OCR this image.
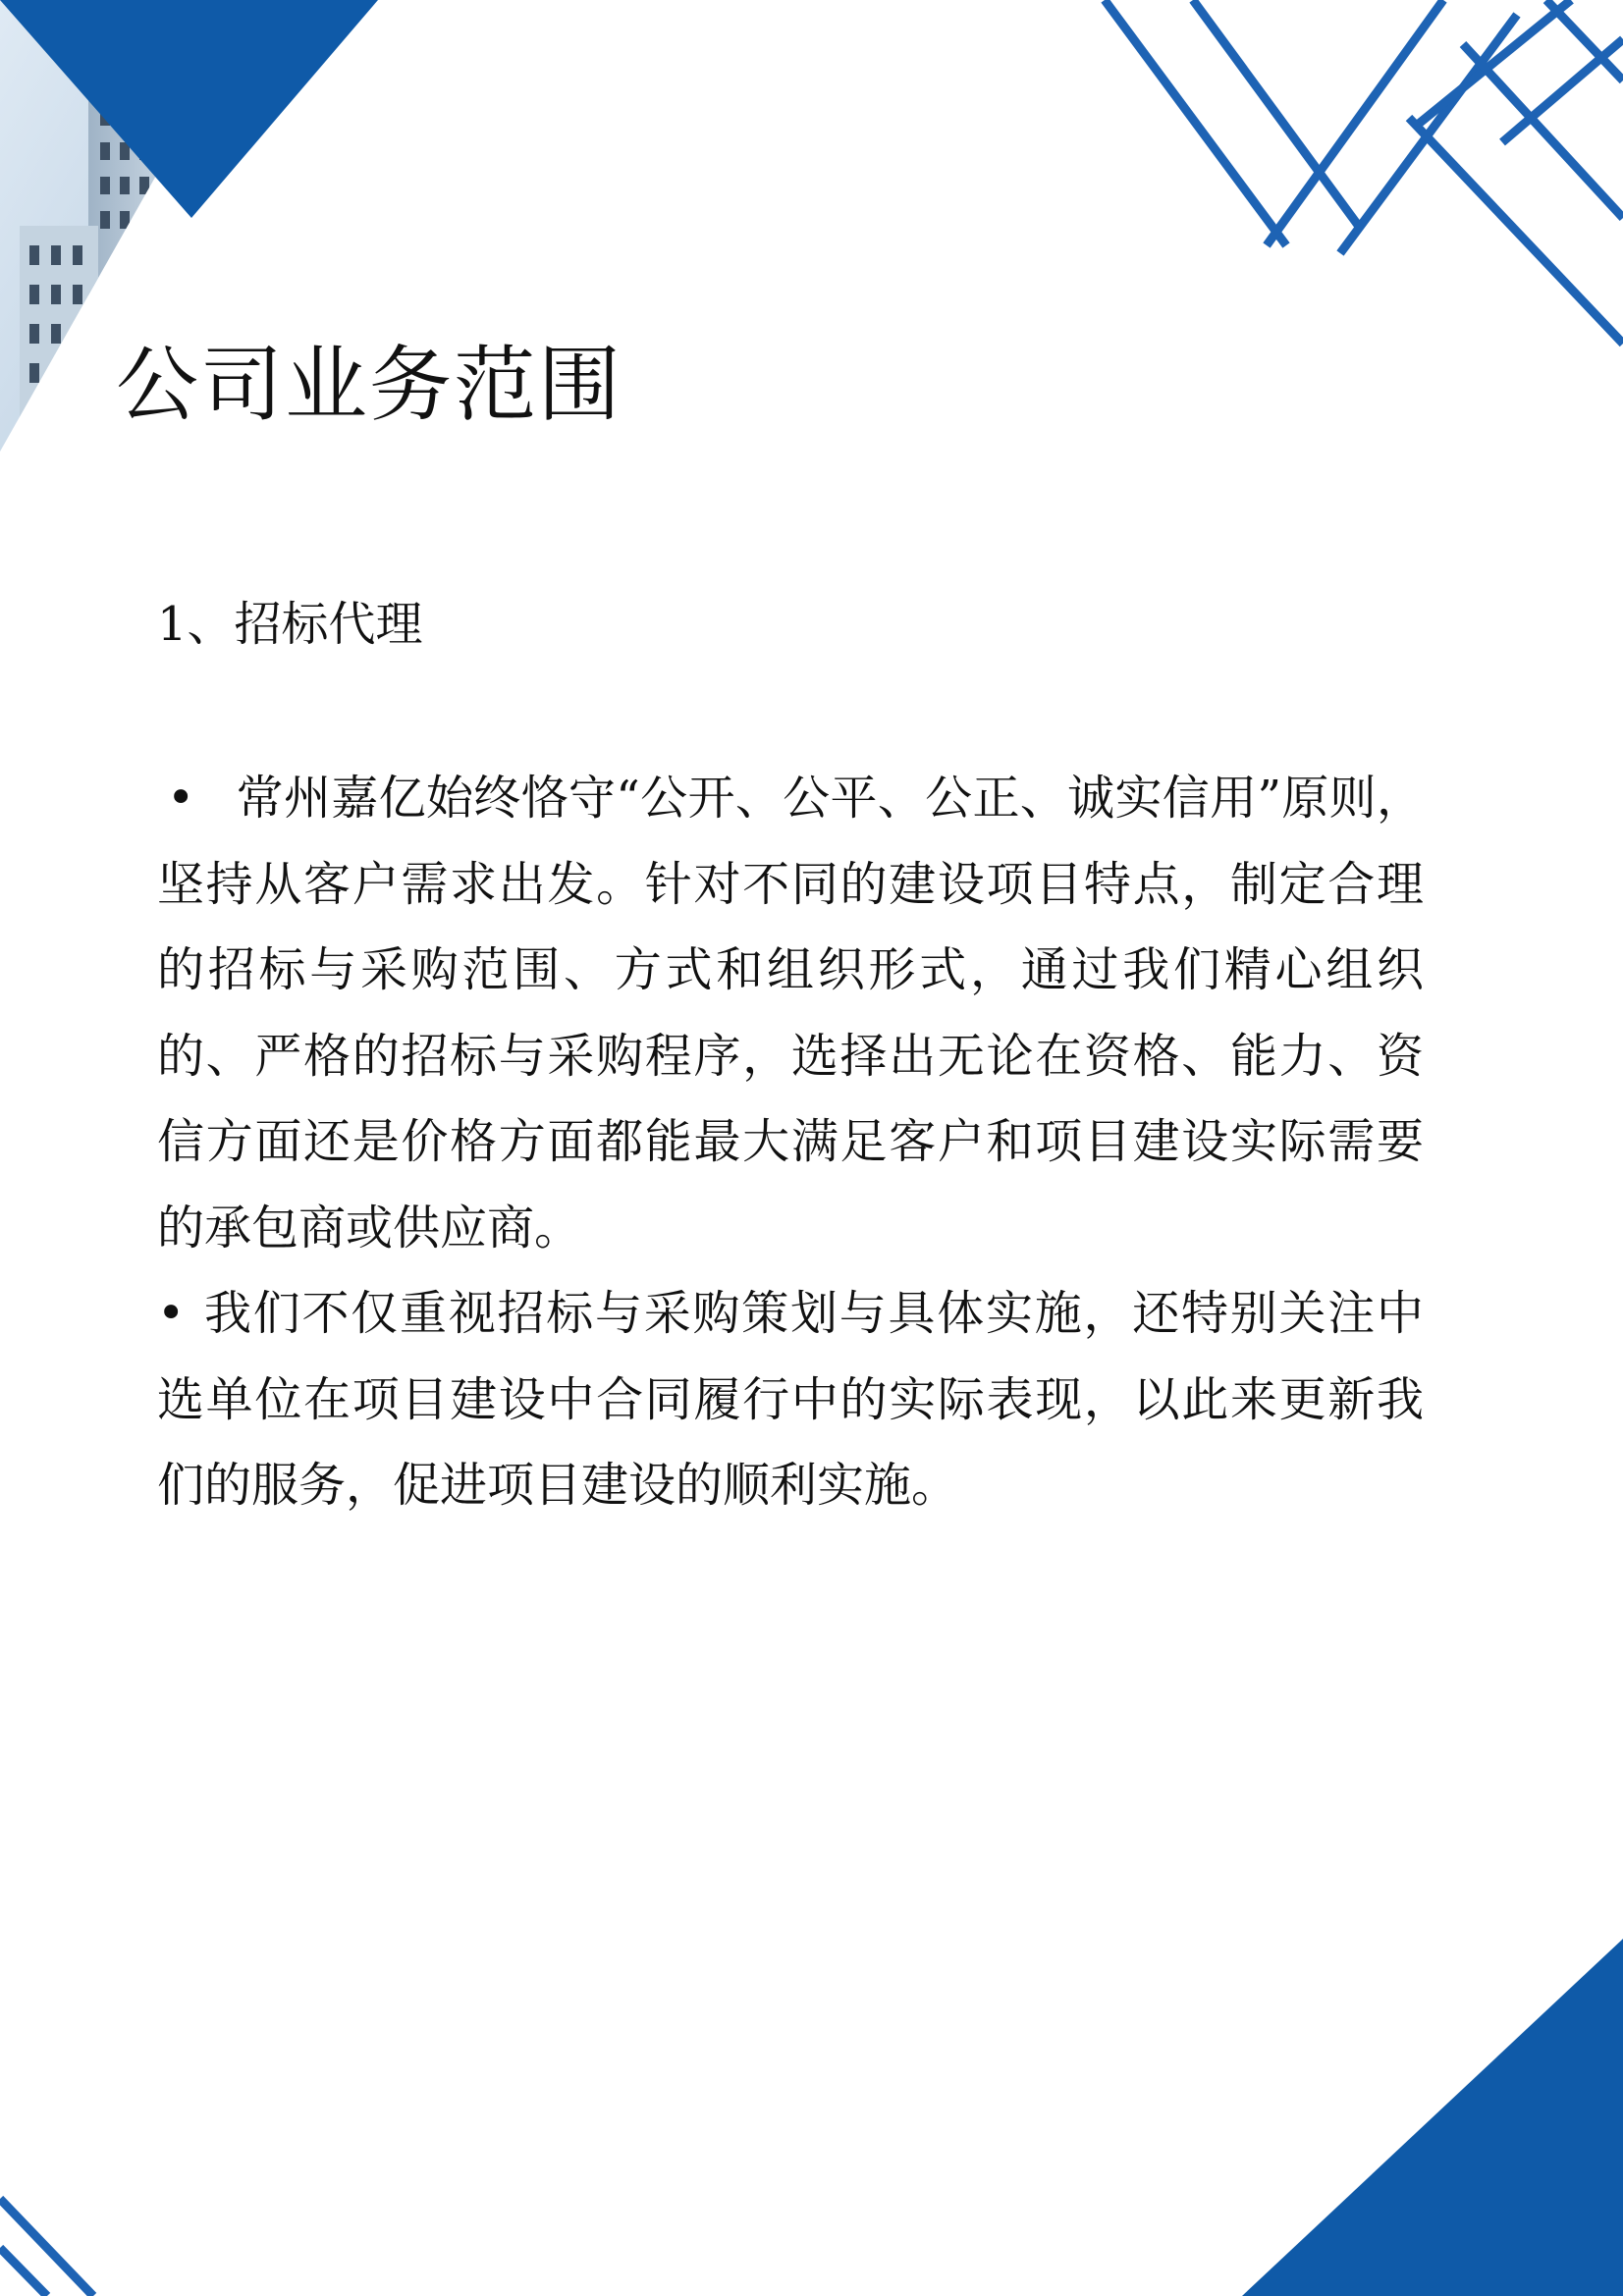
公司业务范围
1、招标代理

• 常州嘉亿始终恪守“公开、公平、公正、诚实信用”原则，坚持从客户需求出发。针对不同的建设项目特点，制定合理的招标与采购范围、方式和组织形式，通过我们精心组织的、严格的招标与采购程序，选择出无论在资格、能力、资信方面还是价格方面都能最大满足客户和项目建设实际需要的承包商或供应商。

• 我们不仅重视招标与采购策划与具体实施，还特别关注中选单位在项目建设中合同履行中的实际表现，以此来更新我们的服务，促进项目建设的顺利实施。
